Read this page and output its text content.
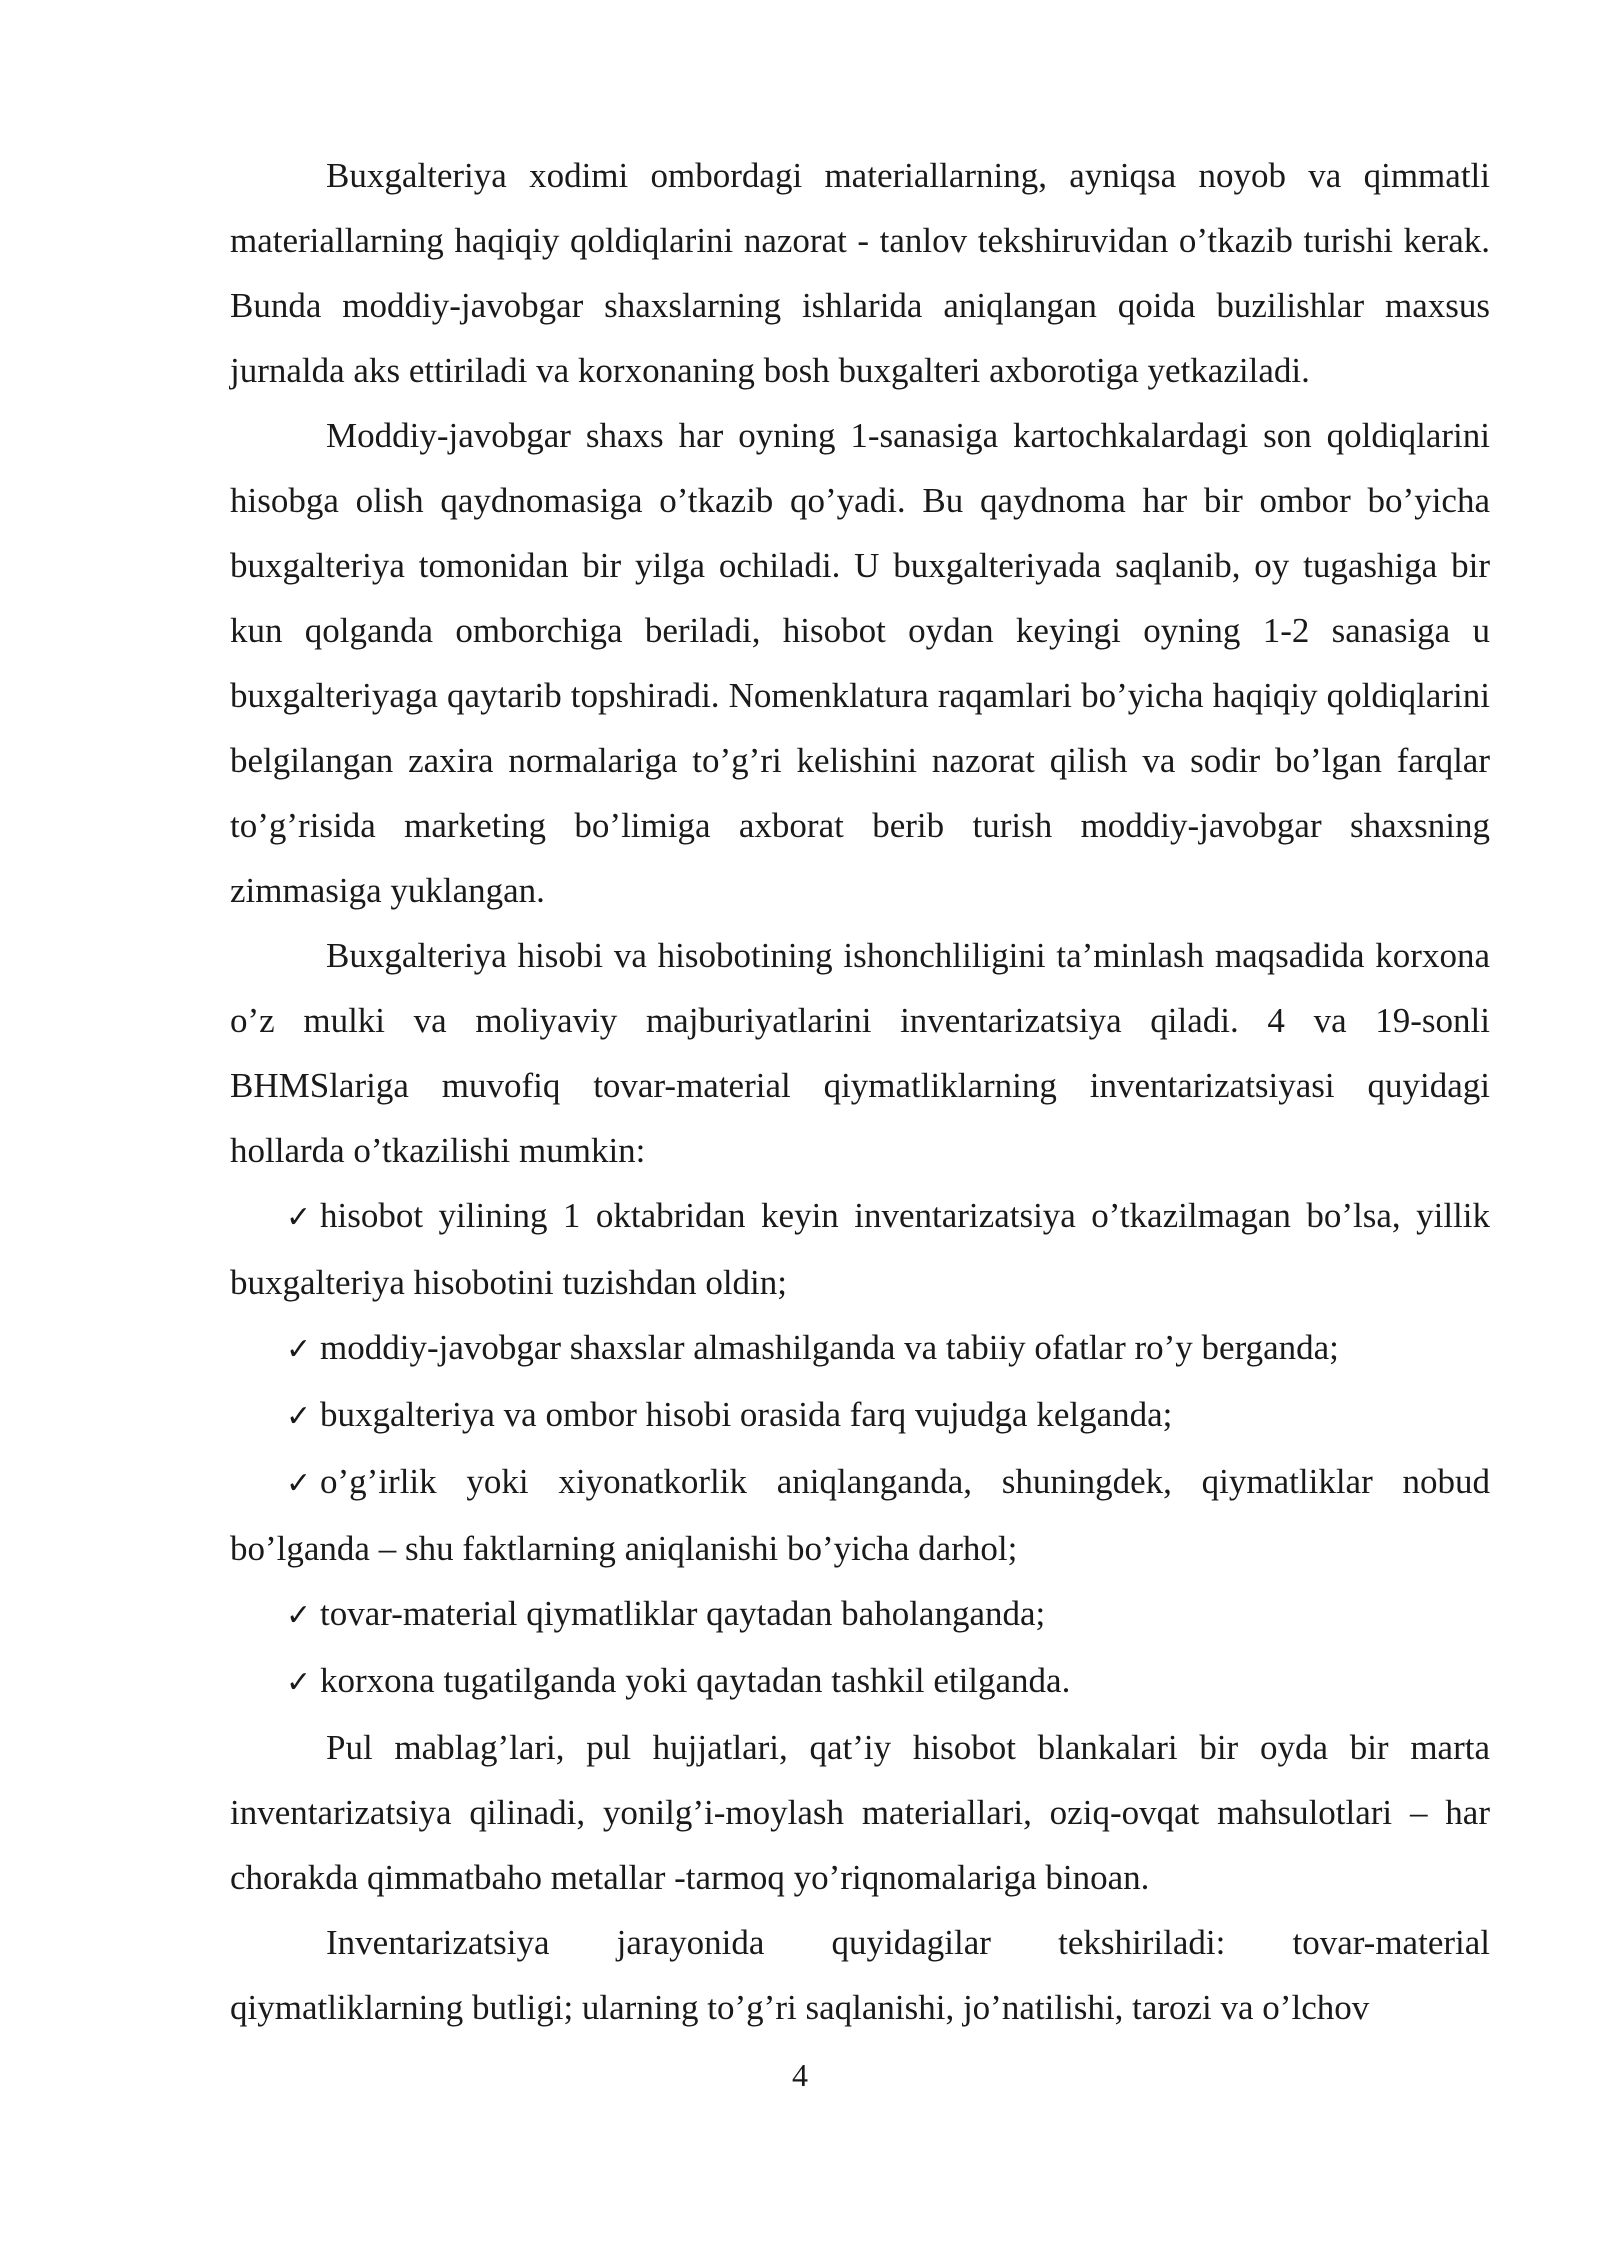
Buxgalteriya xodimi ombordagi materiallarning, ayniqsa noyob va qimmatli materiallarning haqiqiy qoldiqlarini nazorat - tanlov tekshiruvidan o’tkazib turishi kerak. Bunda moddiy-javobgar shaxslarning ishlarida aniqlangan qoida buzilishlar maxsus jurnalda aks ettiriladi va korxonaning bosh buxgalteri axborotiga yetkaziladi.

Moddiy-javobgar shaxs har oyning 1-sanasiga kartochkalardagi son qoldiqlarini hisobga olish qaydnomasiga o’tkazib qo’yadi. Bu qaydnoma har bir ombor bo’yicha buxgalteriya tomonidan bir yilga ochiladi. U buxgalteriyada saqlanib, oy tugashiga bir kun qolganda omborchiga beriladi, hisobot oydan keyingi oyning 1-2 sanasiga u buxgalteriyaga qaytarib topshiradi. Nomenklatura raqamlari bo’yicha haqiqiy qoldiqlarini belgilangan zaxira normalariga to’g’ri kelishini nazorat qilish va sodir bo’lgan farqlar to’g’risida marketing bo’limiga axborat berib turish moddiy-javobgar shaxsning zimmasiga yuklangan.

Buxgalteriya hisobi va hisobotining ishonchliligini ta’minlash maqsadida korxona o’z mulki va moliyaviy majburiyatlarini inventarizatsiya qiladi. 4 va 19-sonli BHMSlariga muvofiq tovar-material qiymatliklarning inventarizatsiyasi quyidagi hollarda o’tkazilishi mumkin:

✓ hisobot yilining 1 oktabridan keyin inventarizatsiya o’tkazilmagan bo’lsa, yillik buxgalteriya hisobotini tuzishdan oldin;

✓ moddiy-javobgar shaxslar almashilganda va tabiiy ofatlar ro’y berganda;

✓ buxgalteriya va ombor hisobi orasida farq vujudga kelganda;

✓ o’g’irlik yoki xiyonatkorlik aniqlanganda, shuningdek, qiymatliklar nobud bo’lganda – shu faktlarning aniqlanishi bo’yicha darhol;

✓ tovar-material qiymatliklar qaytadan baholanganda;

✓ korxona tugatilganda yoki qaytadan tashkil etilganda.

Pul mablag’lari, pul hujjatlari, qat’iy hisobot blankalari bir oyda bir marta inventarizatsiya qilinadi, yonilg’i-moylash materiallari, oziq-ovqat mahsulotlari – har chorakda qimmatbaho metallar -tarmoq yo’riqnomalariga binoan.

Inventarizatsiya jarayonida quyidagilar tekshiriladi: tovar-material qiymatliklarning butligi; ularning to’g’ri saqlanishi, jo’natilishi, tarozi va o’lchov

4
